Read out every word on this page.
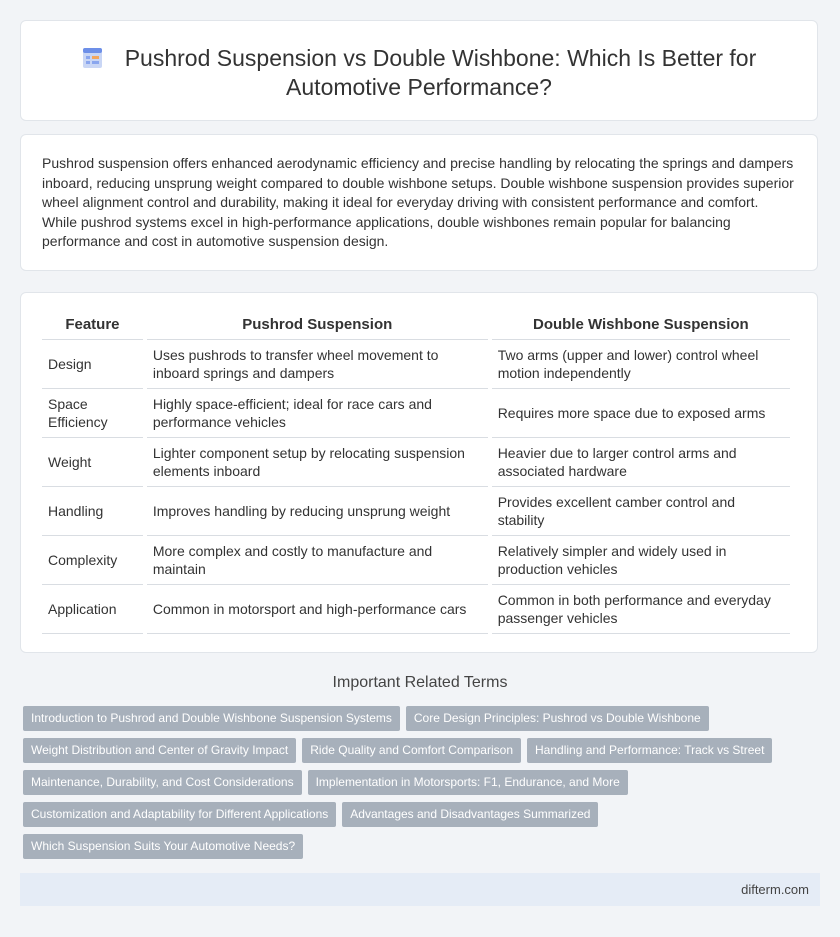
Pushrod Suspension vs Double Wishbone: Which Is Better for
Automotive Performance?
Pushrod suspension offers enhanced aerodynamic efficiency and precise handling by relocating the springs and dampers inboard, reducing unsprung weight compared to double wishbone setups. Double wishbone suspension provides superior wheel alignment control and durability, making it ideal for everyday driving with consistent performance and comfort. While pushrod systems excel in high-performance applications, double wishbones remain popular for balancing performance and cost in automotive suspension design.
Feature	Pushrod Suspension	Double Wishbone Suspension
Design	Uses pushrods to transfer wheel movement to inboard springs and dampers	Two arms (upper and lower) control wheel motion independently
Space Efficiency	Highly space-efficient; ideal for race cars and performance vehicles	Requires more space due to exposed arms
Weight	Lighter component setup by relocating suspension elements inboard	Heavier due to larger control arms and associated hardware
Handling	Improves handling by reducing unsprung weight	Provides excellent camber control and stability
Complexity	More complex and costly to manufacture and maintain	Relatively simpler and widely used in production vehicles
Application	Common in motorsport and high-performance cars	Common in both performance and everyday passenger vehicles
Important Related Terms
Introduction to Pushrod and Double Wishbone Suspension Systems Core Design Principles: Pushrod vs Double Wishbone
Weight Distribution and Center of Gravity Impact Ride Quality and Comfort Comparison Handling and Performance: Track vs Street
Maintenance, Durability, and Cost Considerations Implementation in Motorsports: F1, Endurance, and More
Customization and Adaptability for Different Applications Advantages and Disadvantages Summarized
Which Suspension Suits Your Automotive Needs?
difterm.com
